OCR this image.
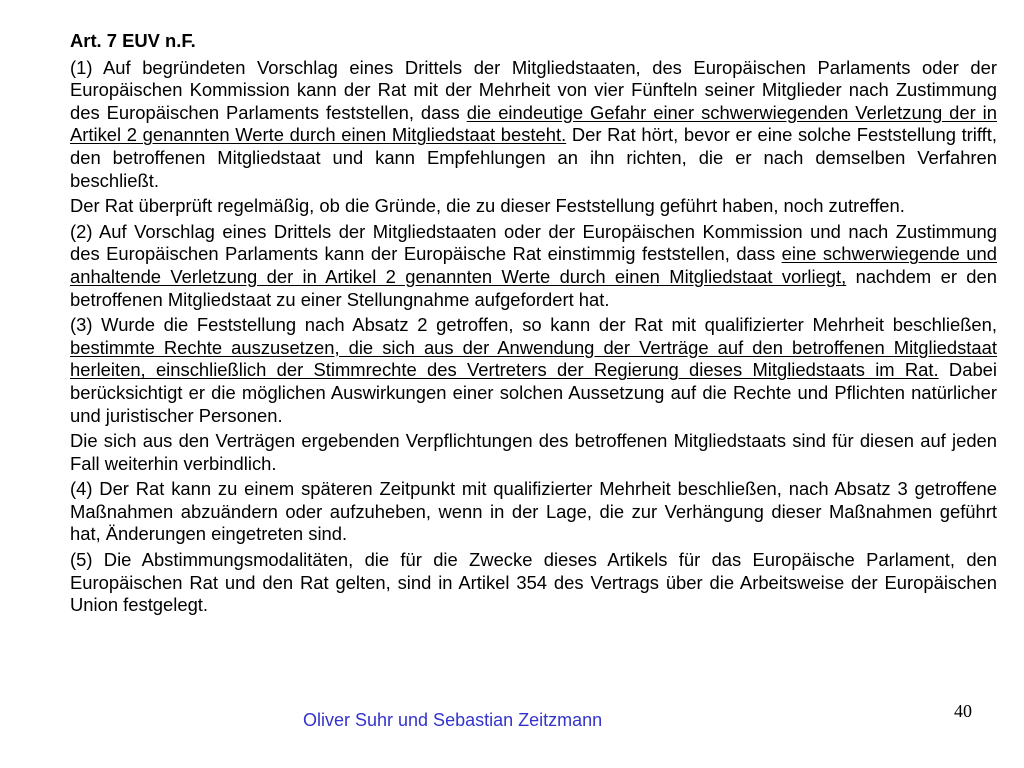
Art. 7 EUV n.F.
(1) Auf begründeten Vorschlag eines Drittels der Mitgliedstaaten, des Europäischen Parlaments oder der Europäischen Kommission kann der Rat mit der Mehrheit von vier Fünfteln seiner Mitglieder nach Zustimmung des Europäischen Parlaments feststellen, dass die eindeutige Gefahr einer schwerwiegenden Verletzung der in Artikel 2 genannten Werte durch einen Mitgliedstaat besteht. Der Rat hört, bevor er eine solche Feststellung trifft, den betroffenen Mitgliedstaat und kann Empfehlungen an ihn richten, die er nach demselben Verfahren beschließt.
Der Rat überprüft regelmäßig, ob die Gründe, die zu dieser Feststellung geführt haben, noch zutreffen.
(2) Auf Vorschlag eines Drittels der Mitgliedstaaten oder der Europäischen Kommission und nach Zustimmung des Europäischen Parlaments kann der Europäische Rat einstimmig feststellen, dass eine schwerwiegende und anhaltende Verletzung der in Artikel 2 genannten Werte durch einen Mitgliedstaat vorliegt, nachdem er den betroffenen Mitgliedstaat zu einer Stellungnahme aufgefordert hat.
(3) Wurde die Feststellung nach Absatz 2 getroffen, so kann der Rat mit qualifizierter Mehrheit beschließen, bestimmte Rechte auszusetzen, die sich aus der Anwendung der Verträge auf den betroffenen Mitgliedstaat herleiten, einschließlich der Stimmrechte des Vertreters der Regierung dieses Mitgliedstaats im Rat. Dabei berücksichtigt er die möglichen Auswirkungen einer solchen Aussetzung auf die Rechte und Pflichten natürlicher und juristischer Personen.
Die sich aus den Verträgen ergebenden Verpflichtungen des betroffenen Mitgliedstaats sind für diesen auf jeden Fall weiterhin verbindlich.
(4) Der Rat kann zu einem späteren Zeitpunkt mit qualifizierter Mehrheit beschließen, nach Absatz 3 getroffene Maßnahmen abzuändern oder aufzuheben, wenn in der Lage, die zur Verhängung dieser Maßnahmen geführt hat, Änderungen eingetreten sind.
(5) Die Abstimmungsmodalitäten, die für die Zwecke dieses Artikels für das Europäische Parlament, den Europäischen Rat und den Rat gelten, sind in Artikel 354 des Vertrags über die Arbeitsweise der Europäischen Union festgelegt.
Oliver Suhr und Sebastian Zeitzmann	40
